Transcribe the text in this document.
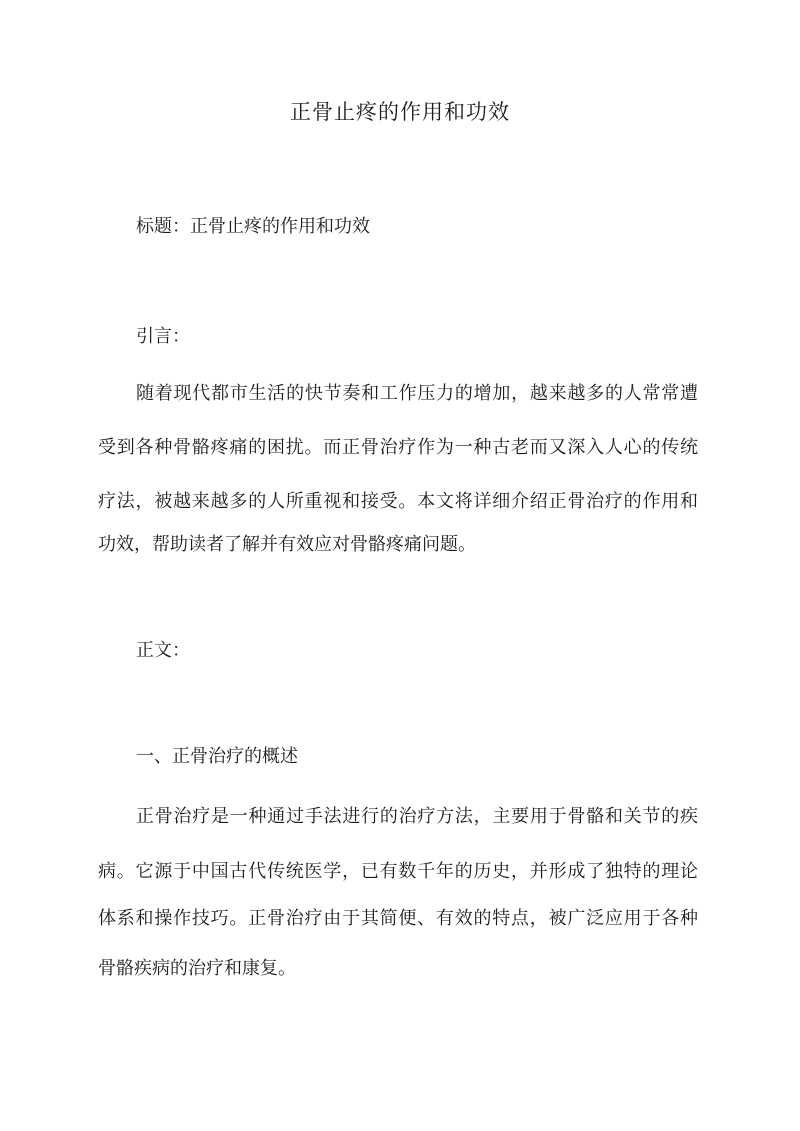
正骨止疼的作用和功效
标题：正骨止疼的作用和功效
引言：
随着现代都市生活的快节奏和工作压力的增加，越来越多的人常常遭
受到各种骨骼疼痛的困扰。而正骨治疗作为一种古老而又深入人心的传统
疗法，被越来越多的人所重视和接受。本文将详细介绍正骨治疗的作用和
功效，帮助读者了解并有效应对骨骼疼痛问题。
正文：
一、正骨治疗的概述
正骨治疗是一种通过手法进行的治疗方法，主要用于骨骼和关节的疾
病。它源于中国古代传统医学，已有数千年的历史，并形成了独特的理论
体系和操作技巧。正骨治疗由于其简便、有效的特点，被广泛应用于各种
骨骼疾病的治疗和康复。
